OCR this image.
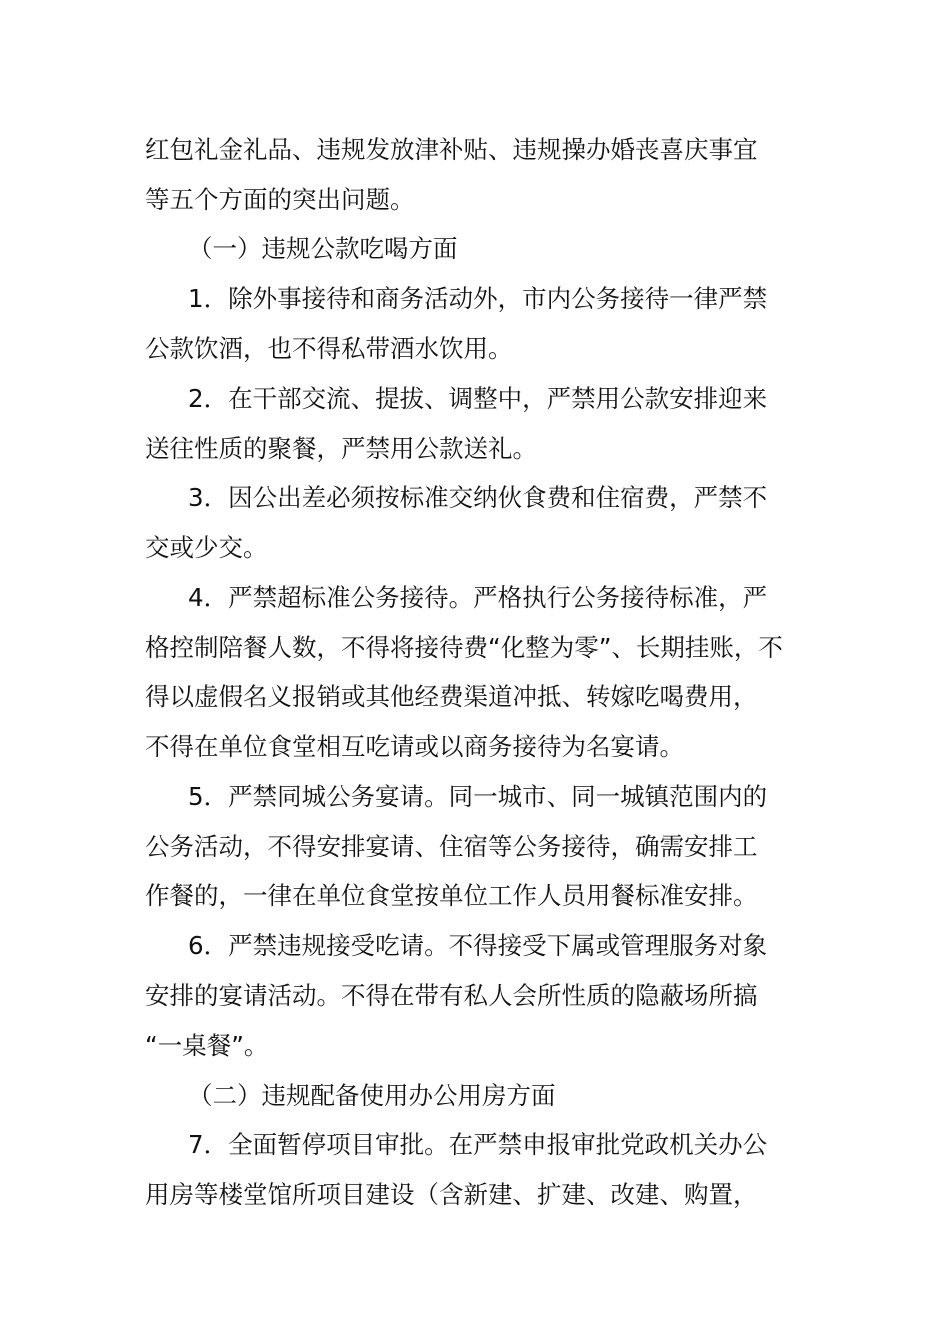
红包礼金礼品、违规发放津补贴、违规操办婚丧喜庆事宜
等五个方面的突出问题。
（一）违规公款吃喝方面
1．除外事接待和商务活动外，市内公务接待一律严禁
公款饮酒，也不得私带酒水饮用。
2．在干部交流、提拔、调整中，严禁用公款安排迎来
送往性质的聚餐，严禁用公款送礼。
3．因公出差必须按标准交纳伙食费和住宿费，严禁不
交或少交。
4．严禁超标准公务接待。严格执行公务接待标准，严
格控制陪餐人数，不得将接待费“化整为零”、长期挂账，不
得以虚假名义报销或其他经费渠道冲抵、转嫁吃喝费用，
不得在单位食堂相互吃请或以商务接待为名宴请。
5．严禁同城公务宴请。同一城市、同一城镇范围内的
公务活动，不得安排宴请、住宿等公务接待，确需安排工
作餐的，一律在单位食堂按单位工作人员用餐标准安排。
6．严禁违规接受吃请。不得接受下属或管理服务对象
安排的宴请活动。不得在带有私人会所性质的隐蔽场所搞
“一桌餐”。
（二）违规配备使用办公用房方面
7．全面暂停项目审批。在严禁申报审批党政机关办公
用房等楼堂馆所项目建设（含新建、扩建、改建、购置，
